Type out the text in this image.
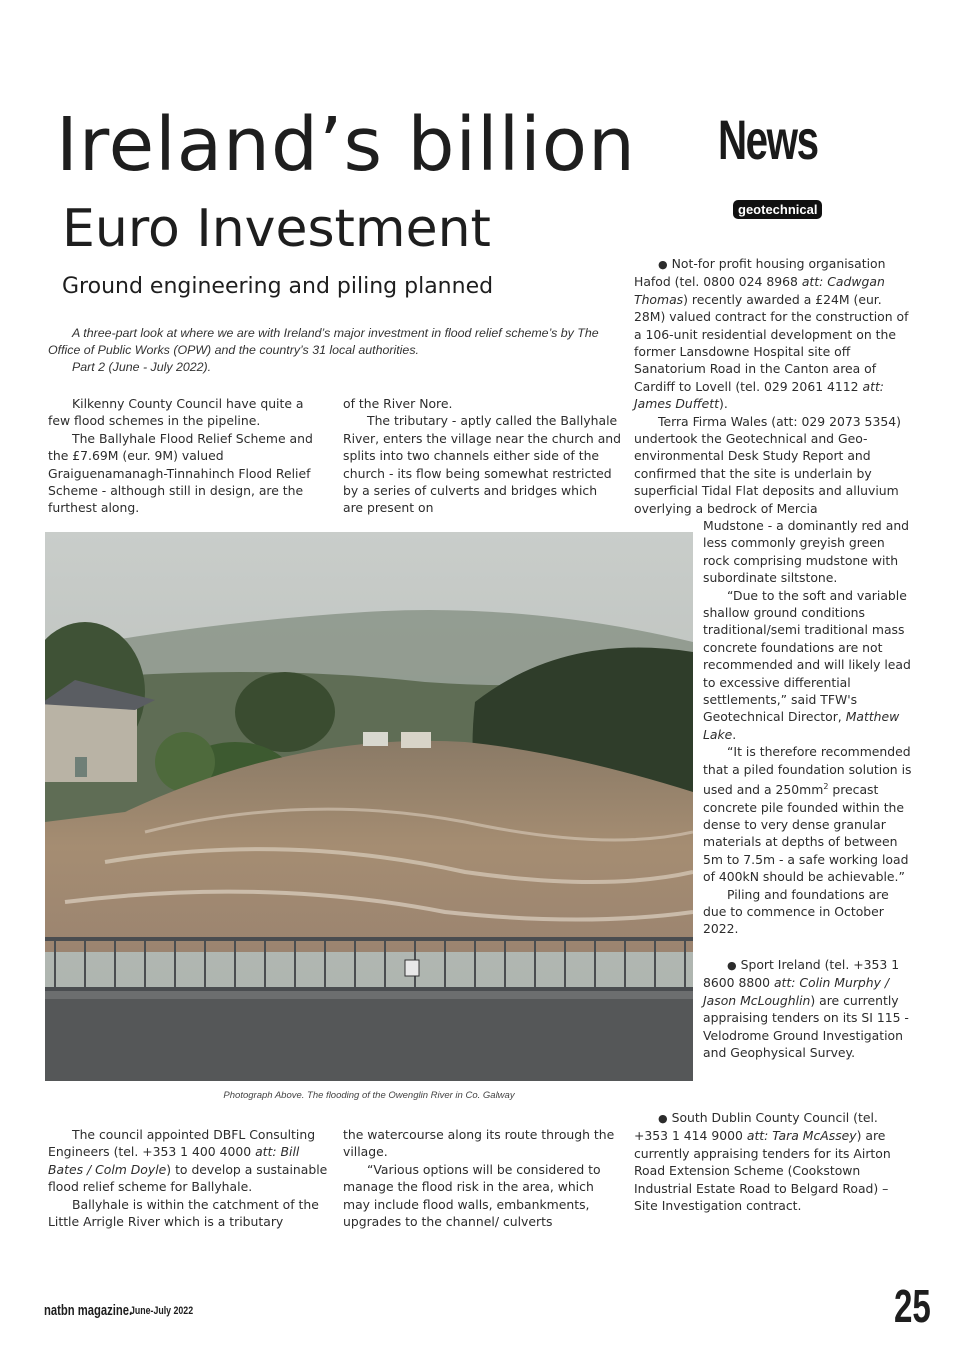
Ireland’s billion
Euro Investment
Ground engineering and piling planned
News
geotechnical

A three-part look at where we are with Ireland’s major investment in flood relief scheme’s by The Office of Public Works (OPW) and the country’s 31 local authorities.

Part 2 (June - July 2022).

Kilkenny County Council have quite a few flood schemes in the pipeline.

The Ballyhale Flood Relief Scheme and the £7.69M (eur. 9M) valued Graiguenamanagh-Tinnahinch Flood Relief Scheme - although still in design, are the furthest along.

of the River Nore.

The tributary - aptly called the Ballyhale River, enters the village near the church and splits into two channels either side of the church - its flow being somewhat restricted by a series of culverts and bridges which are present on

● Not-for profit housing organisation Hafod (tel. 0800 024 8968 att: Cadwgan Thomas) recently awarded a £24M (eur. 28M) valued contract for the construction of a 106-unit residential development on the former Lansdowne Hospital site off Sanatorium Road in the Canton area of Cardiff to Lovell (tel. 029 2061 4112 att: James Duffett).

Terra Firma Wales (att: 029 2073 5354) undertook the Geotechnical and Geo-environmental Desk Study Report and confirmed that the site is underlain by superficial Tidal Flat deposits and alluvium overlying a bedrock of Mercia

Mudstone - a dominantly red and less commonly greyish green rock comprising mudstone with subordinate siltstone.

“Due to the soft and variable shallow ground conditions traditional/semi traditional mass concrete foundations are not recommended and will likely lead to excessive differential settlements,” said TFW's Geotechnical Director, Matthew Lake.

“It is therefore recommended that a piled foundation solution is used and a $250mm^2$ precast concrete pile founded within the dense to very dense granular materials at depths of between 5m to 7.5m - a safe working load of 400kN should be achievable.”

Piling and foundations are due to commence in October 2022.

● Sport Ireland (tel. +353 1 8600 8800 att: Colin Murphy / Jason McLoughlin) are currently appraising tenders on its SI 115 - Velodrome Ground Investigation and Geophysical Survey.

● South Dublin County Council (tel. +353 1 414 9000 att: Tara McAssey) are currently appraising tenders for its Airton Road Extension Scheme (Cookstown Industrial Estate Road to Belgard Road) – Site Investigation contract.

Photograph Above. The flooding of the Owenglin River in Co. Galway

The council appointed DBFL Consulting Engineers (tel. +353 1 400 4000 att: Bill Bates / Colm Doyle) to develop a sustainable flood relief scheme for Ballyhale.

Ballyhale is within the catchment of the Little Arrigle River which is a tributary

the watercourse along its route through the village.

“Various options will be considered to manage the flood risk in the area, which may include flood walls, embankments, upgrades to the channel/ culverts

natbn magazine.
June-July 2022	25
